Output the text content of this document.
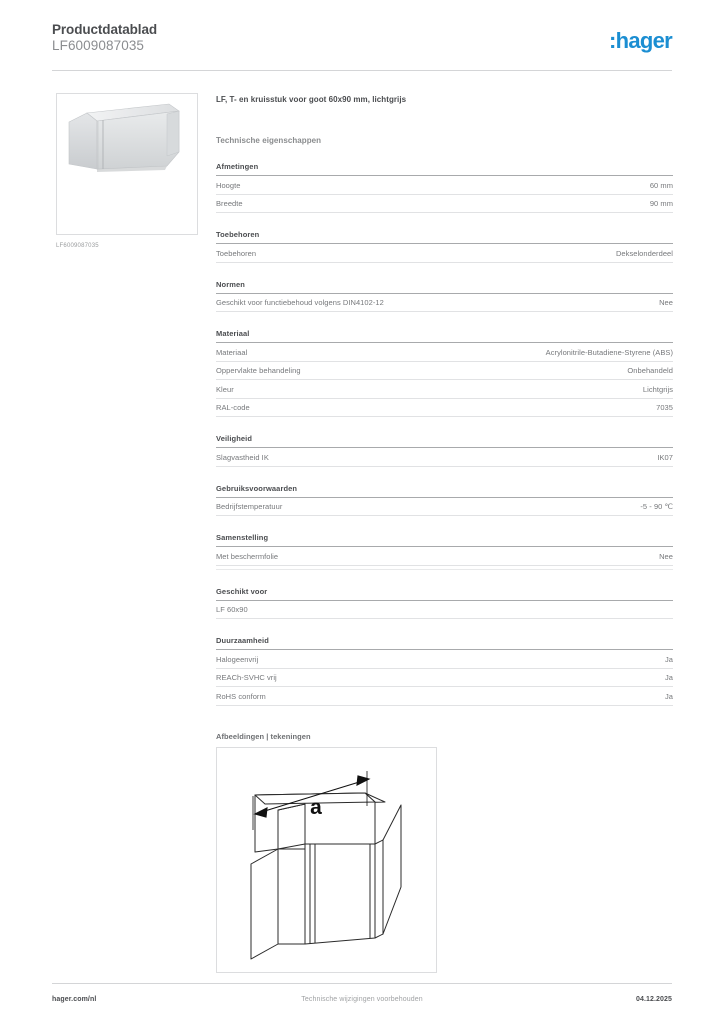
Productdatablad
LF6009087035	:hager
LF6009087035
LF, T- en kruisstuk voor goot 60x90 mm, lichtgrijs
Technische eigenschappen
Afmetingen
Hoogte	60 mm
Breedte	90 mm
Toebehoren
Toebehoren	Dekselonderdeel
Normen
Geschikt voor functiebehoud volgens DIN4102-12	Nee
Materiaal
Materiaal	Acrylonitrile-Butadiene-Styrene (ABS)
Oppervlakte behandeling	Onbehandeld
Kleur	Lichtgrijs
RAL-code	7035
Veiligheid
Slagvastheid IK	IK07
Gebruiksvoorwaarden
Bedrijfstemperatuur	-5 - 90 ℃
Samenstelling
Met beschermfolie	Nee
Geschikt voor
LF 60x90
Duurzaamheid
Halogeenvrij	Ja
REACh-SVHC vrij	Ja
RoHS conform	Ja
Afbeeldingen | tekeningen
a
hager.com/nl	Technische wijzigingen voorbehouden	04.12.2025
